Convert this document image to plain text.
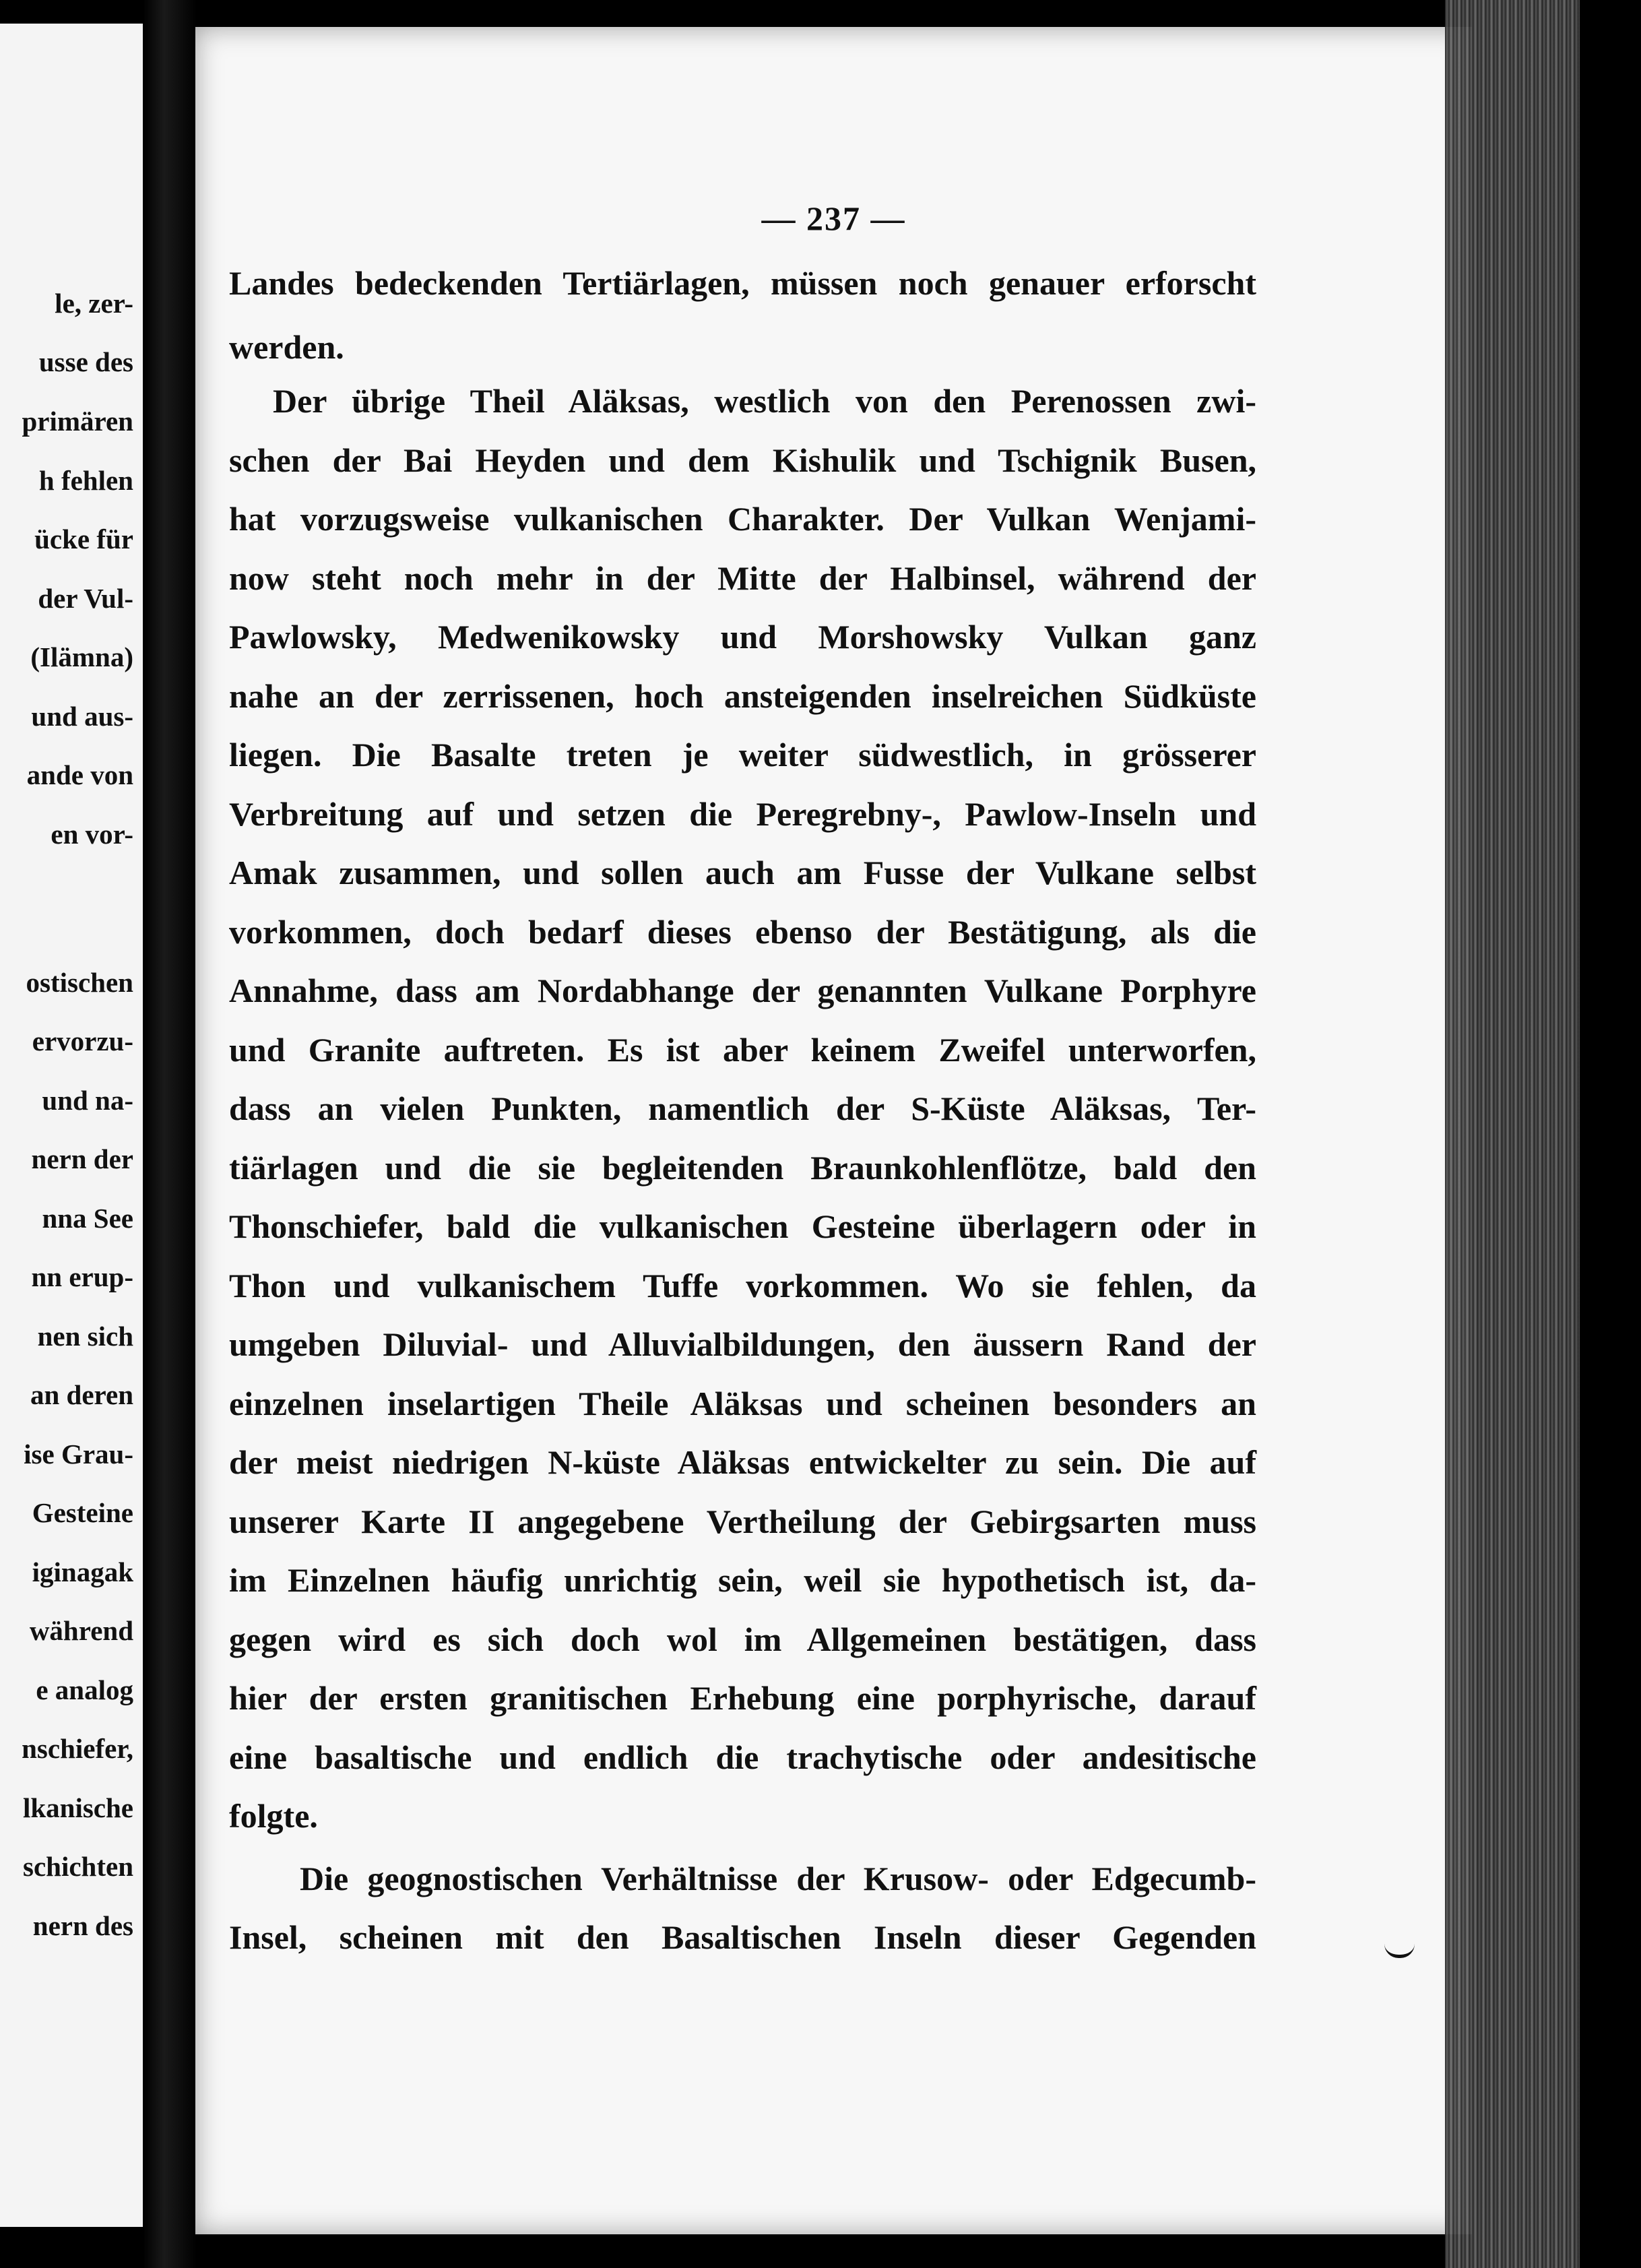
le, zer-
usse des
primären
h fehlen
ücke für
der Vul-
(Ilämna)
und aus-
ande von
en vor-
ostischen
ervorzu-
und na-
nern der
nna See
nn erup-
nen sich
an deren
ise Grau-
Gesteine
iginagak
während
e analog
nschiefer,
lkanische
schichten
nern des
— 237 —
Landes bedeckenden Tertiärlagen, müssen noch genauer erforscht
werden.
Der übrige Theil Aläksas, westlich von den Perenossen zwi-
schen der Bai Heyden und dem Kishulik und Tschignik Busen,
hat vorzugsweise vulkanischen Charakter. Der Vulkan Wenjami-
now steht noch mehr in der Mitte der Halbinsel, während der
Pawlowsky, Medwenikowsky und Morshowsky Vulkan ganz
nahe an der zerrissenen, hoch ansteigenden inselreichen Südküste
liegen. Die Basalte treten je weiter südwestlich, in grösserer
Verbreitung auf und setzen die Peregrebny-, Pawlow-Inseln und
Amak zusammen, und sollen auch am Fusse der Vulkane selbst
vorkommen, doch bedarf dieses ebenso der Bestätigung, als die
Annahme, dass am Nordabhange der genannten Vulkane Porphyre
und Granite auftreten. Es ist aber keinem Zweifel unterworfen,
dass an vielen Punkten, namentlich der S-Küste Aläksas, Ter-
tiärlagen und die sie begleitenden Braunkohlenflötze, bald den
Thonschiefer, bald die vulkanischen Gesteine überlagern oder in
Thon und vulkanischem Tuffe vorkommen. Wo sie fehlen, da
umgeben Diluvial- und Alluvialbildungen, den äussern Rand der
einzelnen inselartigen Theile Aläksas und scheinen besonders an
der meist niedrigen N-küste Aläksas entwickelter zu sein. Die auf
unserer Karte II angegebene Vertheilung der Gebirgsarten muss
im Einzelnen häufig unrichtig sein, weil sie hypothetisch ist, da-
gegen wird es sich doch wol im Allgemeinen bestätigen, dass
hier der ersten granitischen Erhebung eine porphyrische, darauf
eine basaltische und endlich die trachytische oder andesitische
folgte.
Die geognostischen Verhältnisse der Krusow- oder Edgecumb-
Insel, scheinen mit den Basaltischen Inseln dieser Gegenden
